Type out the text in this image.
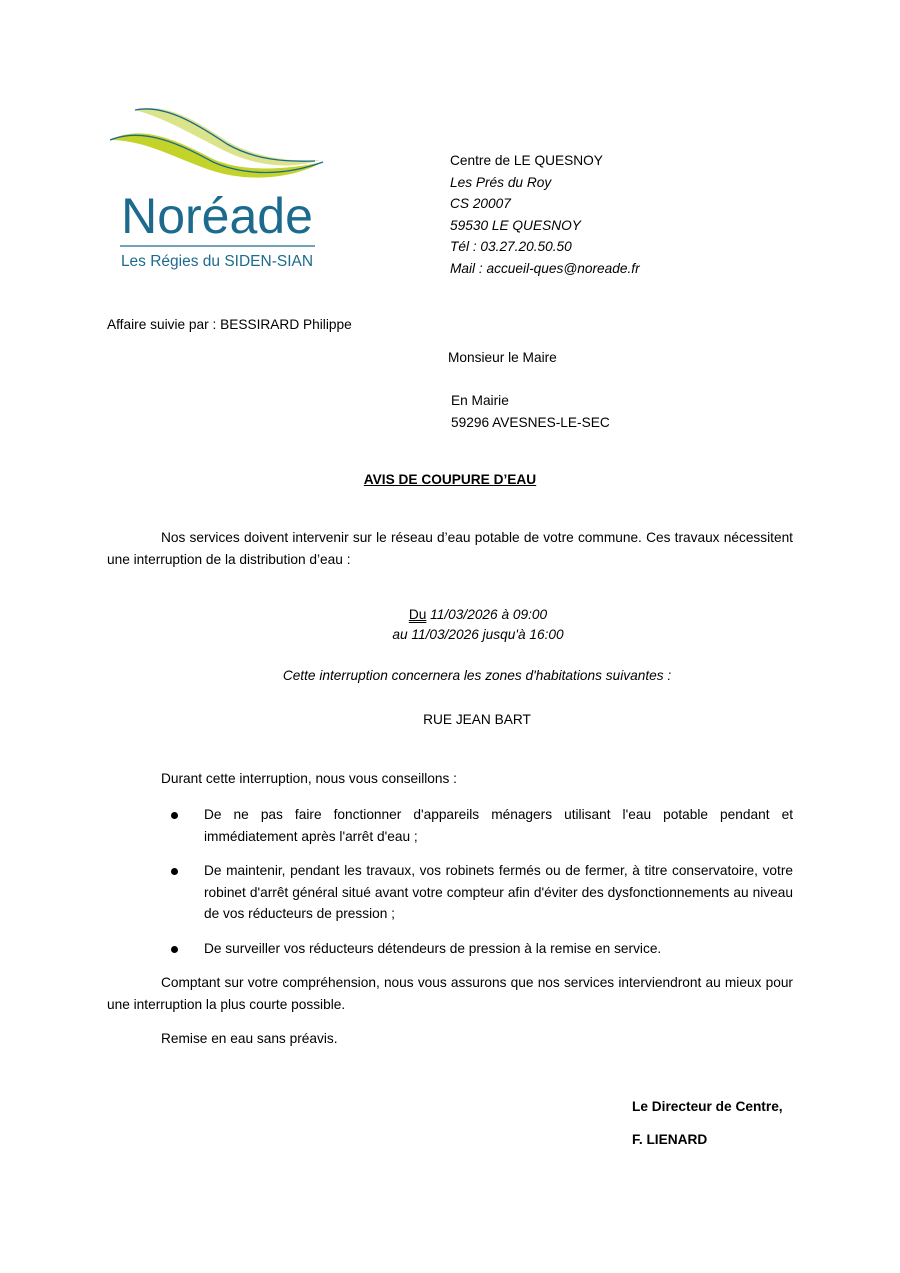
Noréade
Les Régies du SIDEN-SIAN
Centre de LE QUESNOY
Les Prés du Roy
CS 20007
59530 LE QUESNOY
Tél : 03.27.20.50.50
Mail : accueil-ques@noreade.fr
Affaire suivie par : BESSIRARD Philippe
Monsieur le Maire
En Mairie
59296 AVESNES-LE-SEC
AVIS DE COUPURE D’EAU
Nos services doivent intervenir sur le réseau d’eau potable de votre commune. Ces travaux nécessitent une interruption de la distribution d’eau :
Du 11/03/2026 à 09:00
au 11/03/2026 jusqu'à 16:00
Cette interruption concernera les zones d'habitations suivantes :
RUE JEAN BART
Durant cette interruption, nous vous conseillons :
De ne pas faire fonctionner d'appareils ménagers utilisant l'eau potable pendant et immédiatement après l'arrêt d'eau ;
De maintenir, pendant les travaux, vos robinets fermés ou de fermer, à titre conservatoire, votre robinet d'arrêt général situé avant votre compteur afin d'éviter des dysfonctionnements au niveau de vos réducteurs de pression ;
De surveiller vos réducteurs détendeurs de pression à la remise en service.
Comptant sur votre compréhension, nous vous assurons que nos services interviendront au mieux pour une interruption la plus courte possible.
Remise en eau sans préavis.
Le Directeur de Centre,
F. LIENARD
